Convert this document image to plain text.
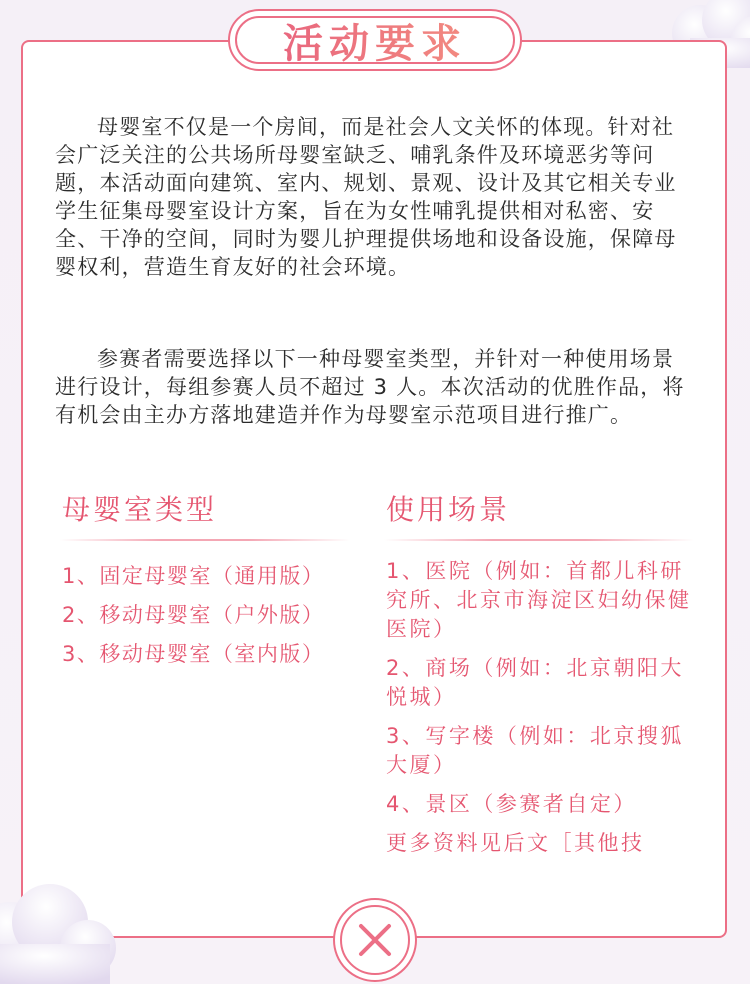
活动要求

母婴室不仅是一个房间，而是社会人文关怀的体现。针对社会广泛关注的公共场所母婴室缺乏、哺乳条件及环境恶劣等问题，本活动面向建筑、室内、规划、景观、设计及其它相关专业学生征集母婴室设计方案，旨在为女性哺乳提供相对私密、安全、干净的空间，同时为婴儿护理提供场地和设备设施，保障母婴权利，营造生育友好的社会环境。

参赛者需要选择以下一种母婴室类型，并针对一种使用场景进行设计，每组参赛人员不超过 3 人。本次活动的优胜作品，将有机会由主办方落地建造并作为母婴室示范项目进行推广。

母婴室类型	使用场景
1、固定母婴室（通用版）
2、移动母婴室（户外版）
3、移动母婴室（室内版）
1、医院（例如：首都儿科研究所、北京市海淀区妇幼保健医院）
2、商场（例如：北京朝阳大悦城）
3、写字楼（例如：北京搜狐大厦）
4、景区（参赛者自定）
更多资料见后文［其他技
